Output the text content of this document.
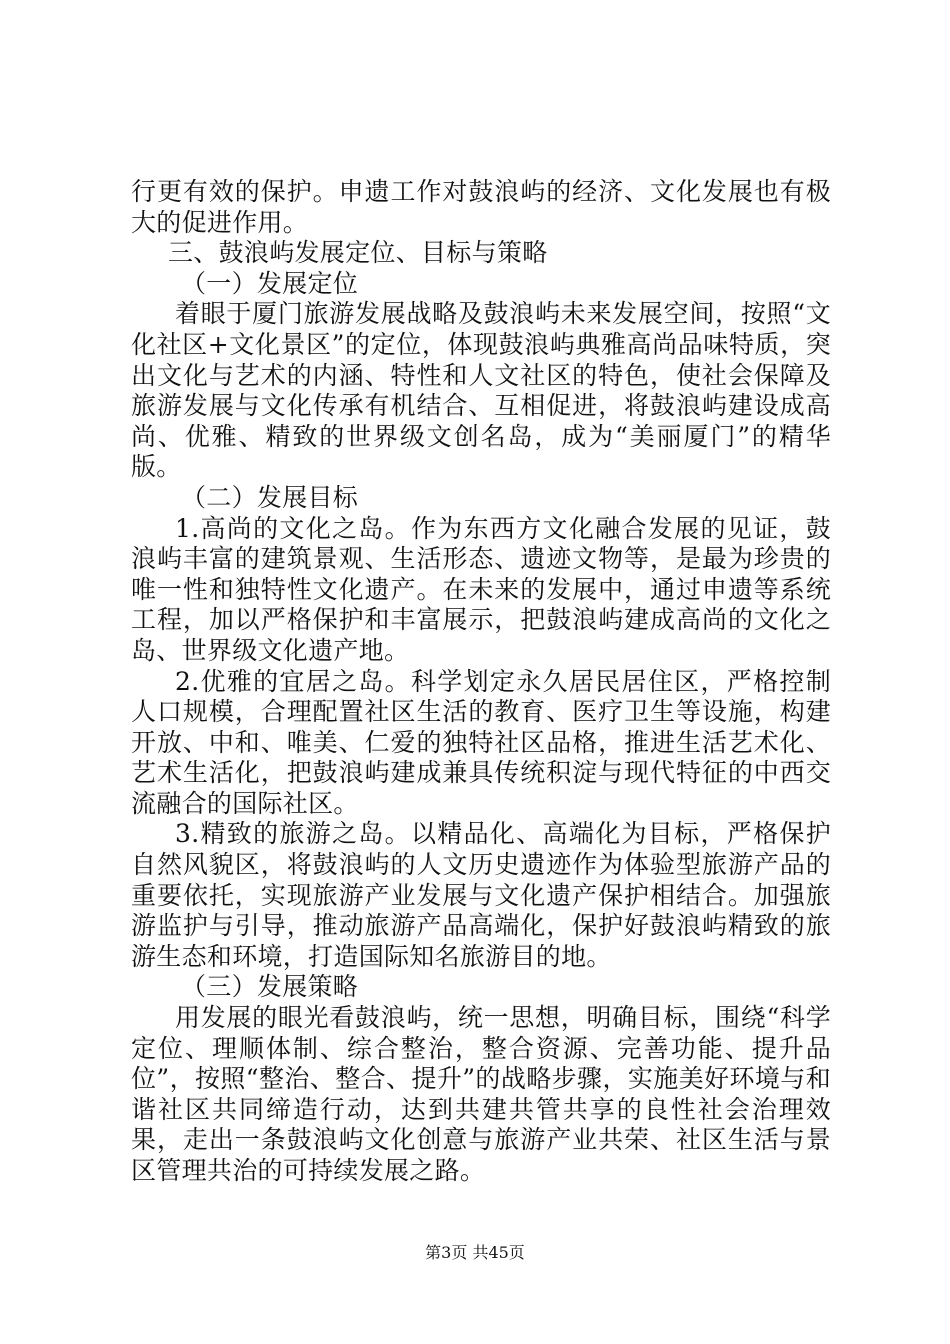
行更有效的保护。申遗工作对鼓浪屿的经济、文化发展也有极大的促进作用。

三、鼓浪屿发展定位、目标与策略

（一）发展定位

着眼于厦门旅游发展战略及鼓浪屿未来发展空间，按照“文化社区+文化景区”的定位，体现鼓浪屿典雅高尚品味特质，突出文化与艺术的内涵、特性和人文社区的特色，使社会保障及旅游发展与文化传承有机结合、互相促进，将鼓浪屿建设成高尚、优雅、精致的世界级文创名岛，成为“美丽厦门”的精华版。

（二）发展目标

1.高尚的文化之岛。作为东西方文化融合发展的见证，鼓浪屿丰富的建筑景观、生活形态、遗迹文物等，是最为珍贵的唯一性和独特性文化遗产。在未来的发展中，通过申遗等系统工程，加以严格保护和丰富展示，把鼓浪屿建成高尚的文化之岛、世界级文化遗产地。

2.优雅的宜居之岛。科学划定永久居民居住区，严格控制人口规模，合理配置社区生活的教育、医疗卫生等设施，构建开放、中和、唯美、仁爱的独特社区品格，推进生活艺术化、艺术生活化，把鼓浪屿建成兼具传统积淀与现代特征的中西交流融合的国际社区。

3.精致的旅游之岛。以精品化、高端化为目标，严格保护自然风貌区，将鼓浪屿的人文历史遗迹作为体验型旅游产品的重要依托，实现旅游产业发展与文化遗产保护相结合。加强旅游监护与引导，推动旅游产品高端化，保护好鼓浪屿精致的旅游生态和环境，打造国际知名旅游目的地。

（三）发展策略

用发展的眼光看鼓浪屿，统一思想，明确目标，围绕“科学定位、理顺体制、综合整治，整合资源、完善功能、提升品位”，按照“整治、整合、提升”的战略步骤，实施美好环境与和谐社区共同缔造行动，达到共建共管共享的良性社会治理效果，走出一条鼓浪屿文化创意与旅游产业共荣、社区生活与景区管理共治的可持续发展之路。

第3页 共45页
